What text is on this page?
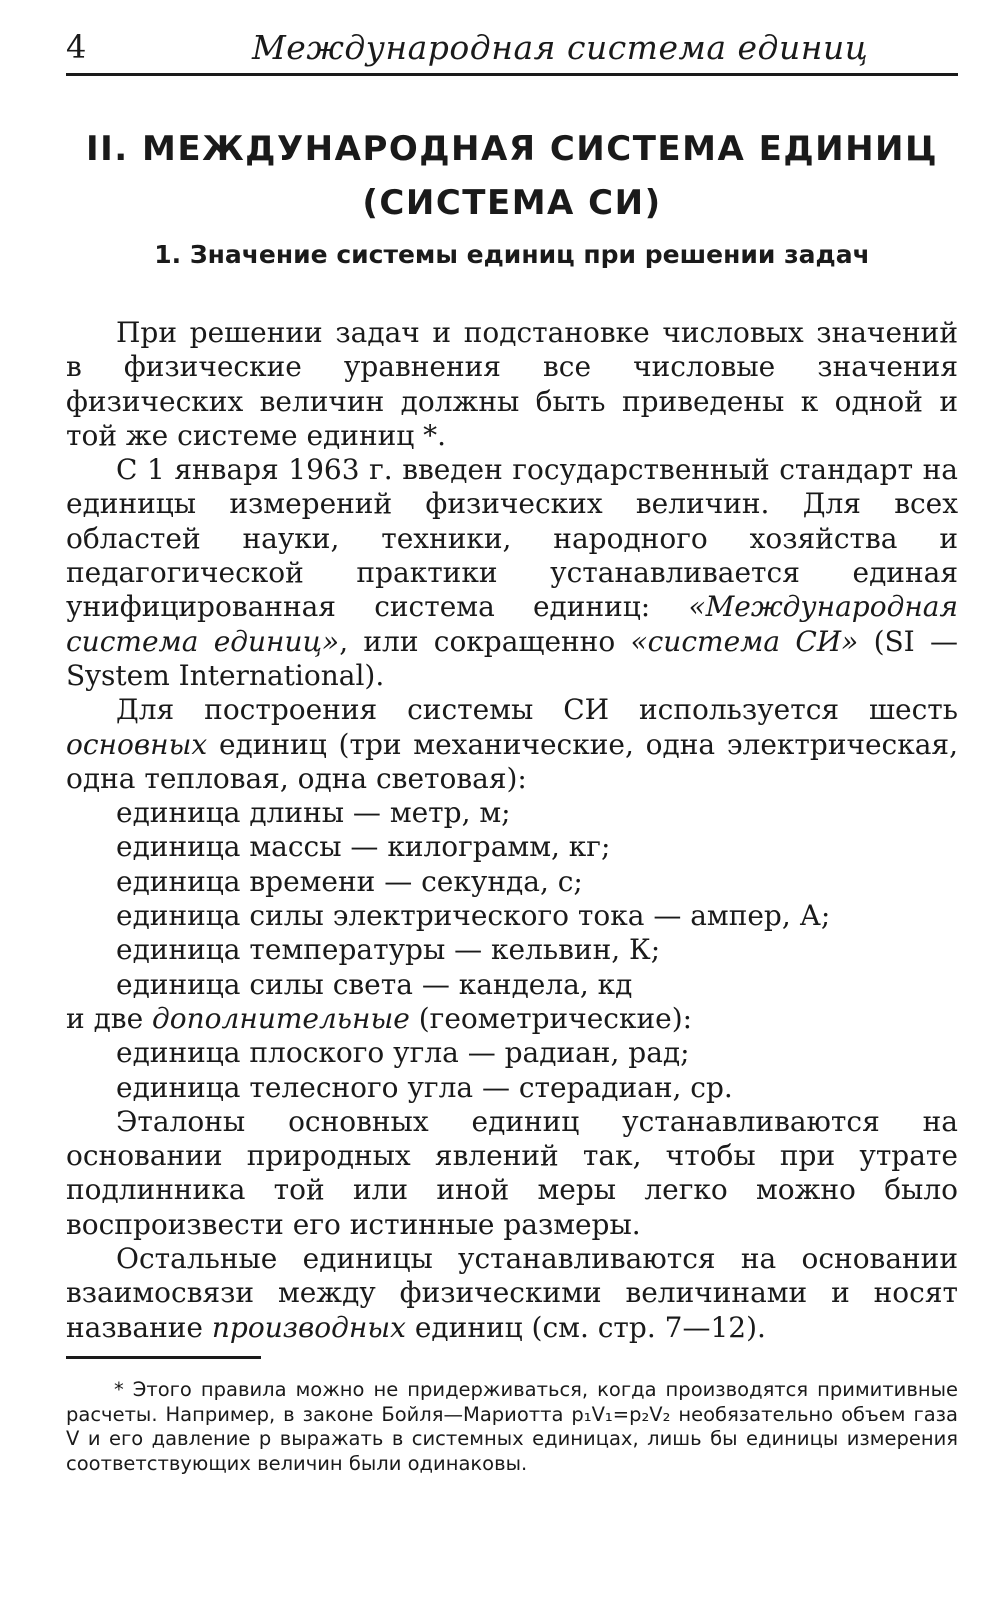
4	Международная система единиц
II. МЕЖДУНАРОДНАЯ СИСТЕМА ЕДИНИЦ
(СИСТЕМА СИ)
1. Значение системы единиц при решении задач

При решении задач и подстановке числовых значений в физические уравнения все числовые значения физических величин должны быть приведены к одной и той же системе единиц *.

С 1 января 1963 г. введен государственный стандарт на единицы измерений физических величин. Для всех областей науки, техники, народного хозяйства и педагогической практики устанавливается единая унифицированная система единиц: «Международная система единиц», или сокращенно «система СИ» (SI — System International).

Для построения системы СИ используется шесть основных единиц (три механические, одна электрическая, одна тепловая, одна световая):

единица длины — метр, м;
единица массы — килограмм, кг;
единица времени — секунда, с;
единица силы электрического тока — ампер, А;
единица температуры — кельвин, К;
единица силы света — кандела, кд

и две дополнительные (геометрические):

единица плоского угла — радиан, рад;
единица телесного угла — стерадиан, ср.

Эталоны основных единиц устанавливаются на основании природных явлений так, чтобы при утрате подлинника той или иной меры легко можно было воспроизвести его истинные размеры.

Остальные единицы устанавливаются на основании взаимосвязи между физическими величинами и носят название производных единиц (см. стр. 7—12).

* Этого правила можно не придерживаться, когда производятся примитивные расчеты. Например, в законе Бойля—Мариотта p₁V₁=p₂V₂ необязательно объем газа V и его давление p выражать в системных единицах, лишь бы единицы измерения соответствующих величин были одинаковы.
